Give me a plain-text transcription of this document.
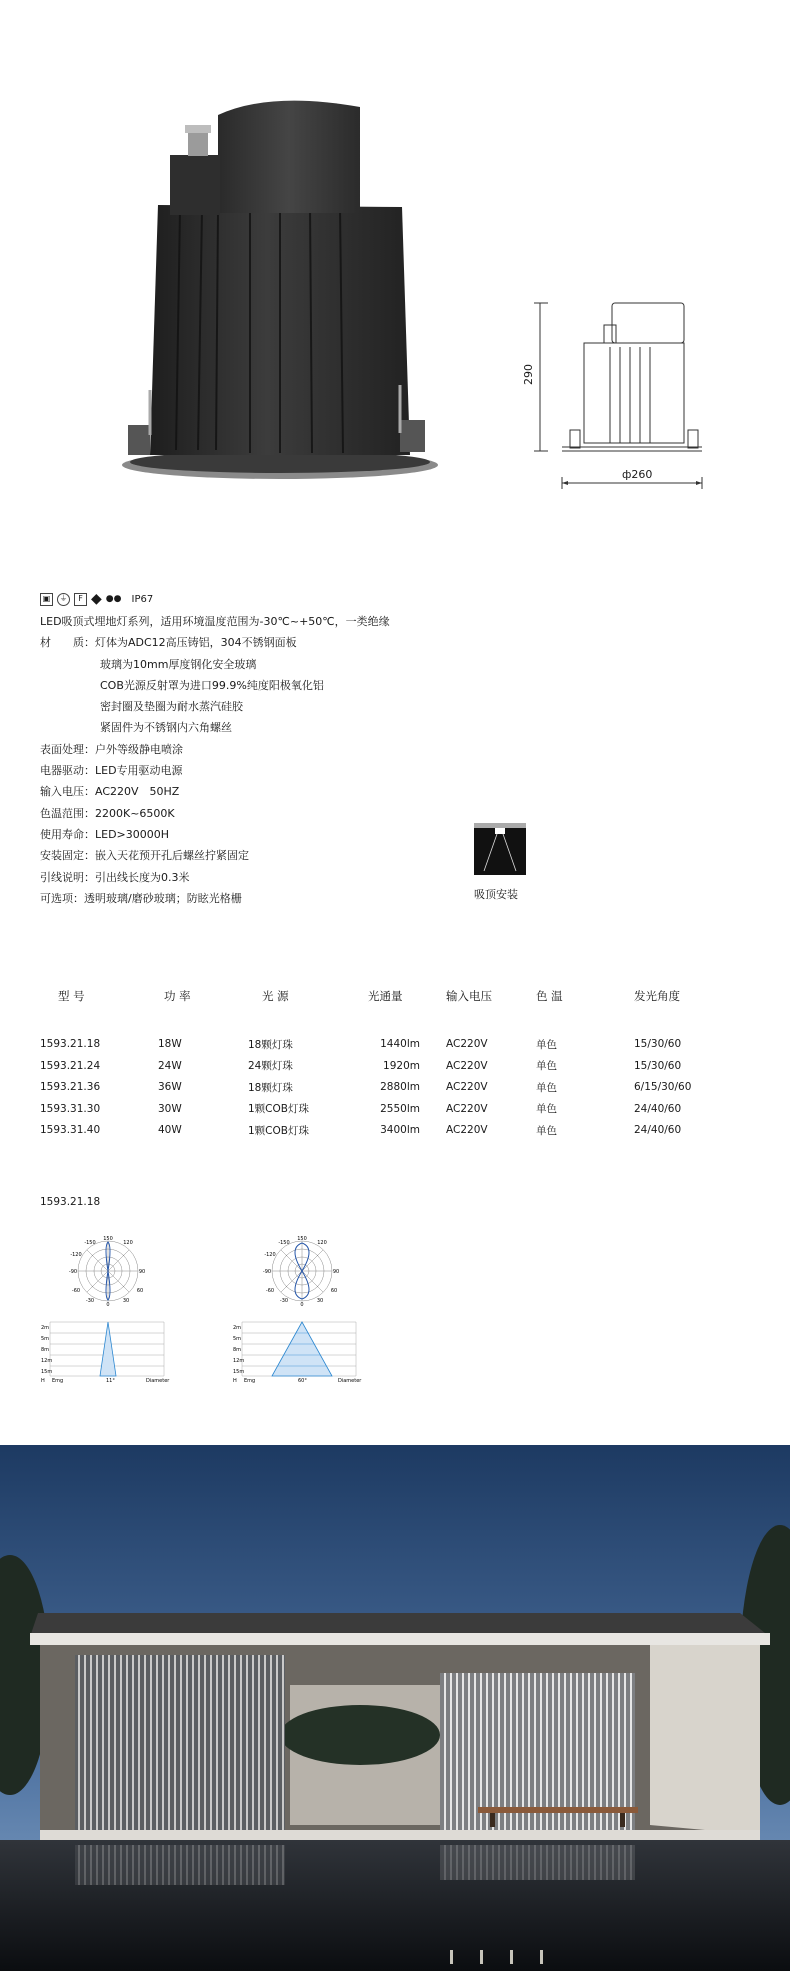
290
ф260
▣	⏚	F ◆ ●● IP67
LED吸顶式埋地灯系列，适用环境温度范围为-30℃~+50℃，一类绝缘
材　　质：灯体为ADC12高压铸铝，304不锈钢面板
玻璃为10mm厚度钢化安全玻璃
COB光源反射罩为进口99.9%纯度阳极氧化铝
密封圈及垫圈为耐水蒸汽硅胶
紧固件为不锈钢内六角螺丝
表面处理：户外等级静电喷涂
电器驱动：LED专用驱动电源
输入电压：AC220V　50HZ
色温范围：2200K~6500K
使用寿命：LED>30000H
安装固定：嵌入天花预开孔后螺丝拧紧固定
引线说明：引出线长度为0.3米
可选项：透明玻璃/磨砂玻璃；防眩光格栅	吸顶安装
型 号	功 率	光 源	光通量	输入电压	色 温	发光角度

1593.21.18	18W	18颗灯珠	1440lm	AC220V	单色	15/30/60
1593.21.24	24W	24颗灯珠	1920m	AC220V	单色	15/30/60
1593.21.36	36W	18颗灯珠	2880lm	AC220V	单色	6/15/30/60
1593.31.30	30W	1颗COB灯珠	2550lm	AC220V	单色	24/40/60
1593.31.40	40W	1颗COB灯珠	3400lm	AC220V	单色	24/40/60
1593.21.18
150
-150	120
-120
90
-90
60
-60
30
-30
0
150
-150	120
-120
90
-90
60
-60
30
-30
0
2m
5m
8m
12m
15m
H Emg	11°	Diameter
2m
5m
8m
12m
15m
H Emg	60°	Diameter
